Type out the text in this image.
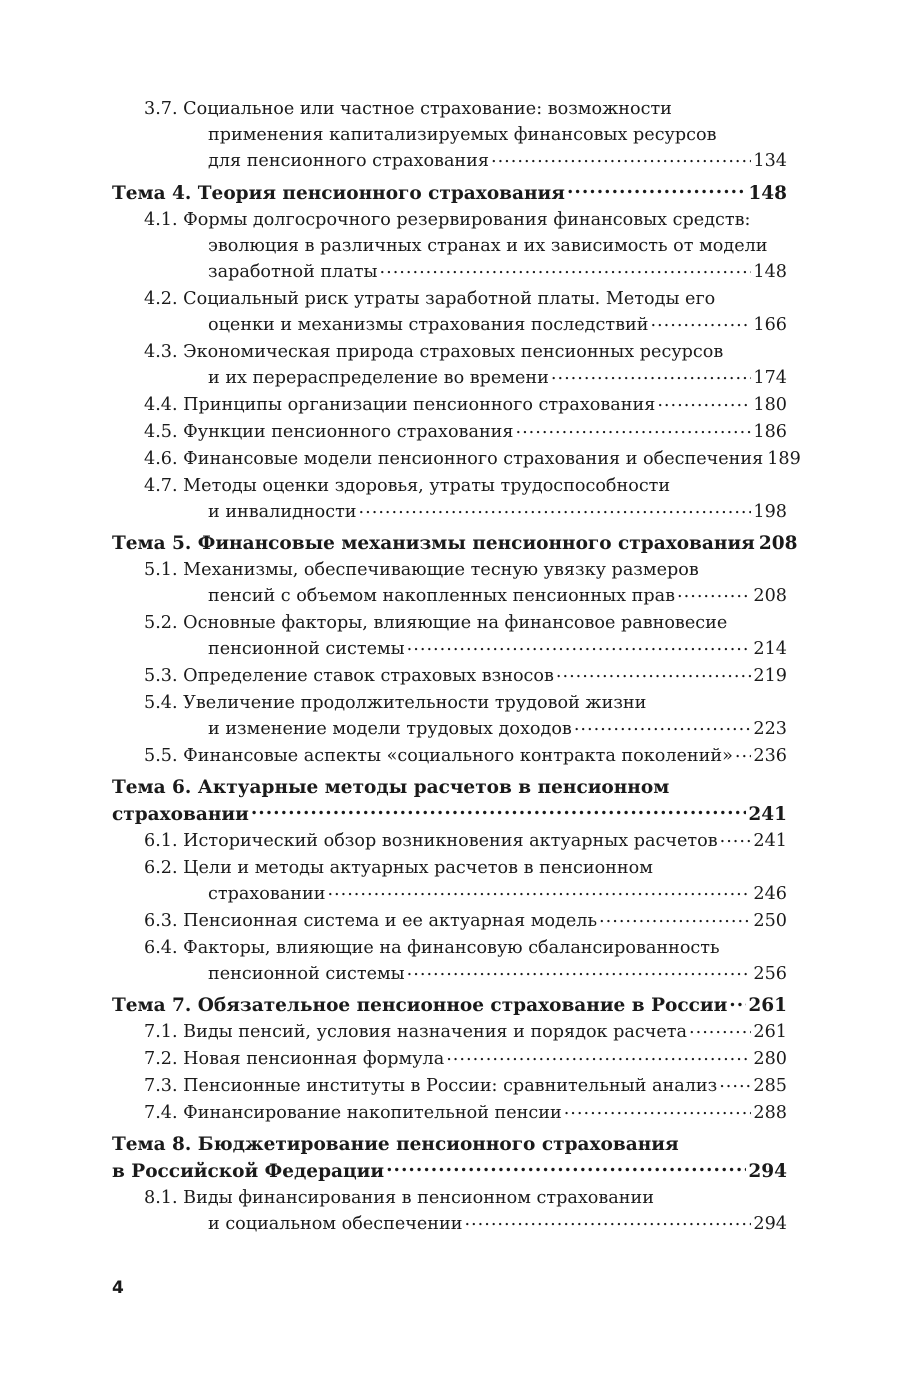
3.7. Социальное или частное страхование: возможности
применения капитализируемых финансовых ресурсов
для пенсионного страхования .....	134
Тема 4. Теория пенсионного страхования .....	148
4.1. Формы долгосрочного резервирования финансовых средств:
эволюция в различных странах и их зависимость от модели
заработной платы .....	148
4.2. Социальный риск утраты заработной платы. Методы его
оценки и механизмы страхования последствий .....	166
4.3. Экономическая природа страховых пенсионных ресурсов
и их перераспределение во времени .....	174
4.4. Принципы организации пенсионного страхования .....	180
4.5. Функции пенсионного страхования .....	186
4.6. Финансовые модели пенсионного страхования и обеспечения 189
4.7. Методы оценки здоровья, утраты трудоспособности
и инвалидности .....	198
Тема 5. Финансовые механизмы пенсионного страхования 208
5.1. Механизмы, обеспечивающие тесную увязку размеров
пенсий с объемом накопленных пенсионных прав .....	208
5.2. Основные факторы, влияющие на финансовое равновесие
пенсионной системы .....	214
5.3. Определение ставок страховых взносов .....	219
5.4. Увеличение продолжительности трудовой жизни
и изменение модели трудовых доходов .....	223
5.5. Финансовые аспекты «социального контракта поколений» ..... 236
Тема 6. Актуарные методы расчетов в пенсионном
страховании .....	241
6.1. Исторический обзор возникновения актуарных расчетов ..... 241
6.2. Цели и методы актуарных расчетов в пенсионном
страховании .....	246
6.3. Пенсионная система и ее актуарная модель .....	250
6.4. Факторы, влияющие на финансовую сбалансированность
пенсионной системы .....	256
Тема 7. Обязательное пенсионное страхование в России ..... 261
7.1. Виды пенсий, условия назначения и порядок расчета .....	261
7.2. Новая пенсионная формула .....	280
7.3. Пенсионные институты в России: сравнительный анализ ..... 285
7.4. Финансирование накопительной пенсии .....	288
Тема 8. Бюджетирование пенсионного страхования
в Российской Федерации .....	294
8.1. Виды финансирования в пенсионном страховании
и социальном обеспечении .....	294
4
